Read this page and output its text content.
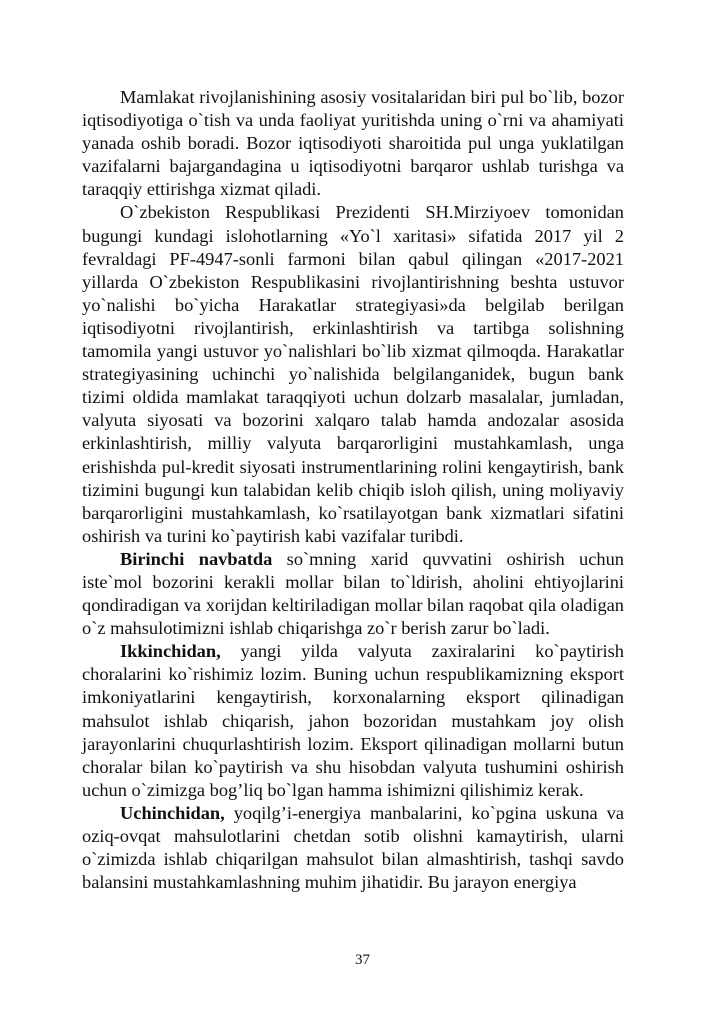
Mamlakat rivojlanishining asosiy vositalaridan biri pul bo`lib, bozor iqtisodiyotiga o`tish va unda faoliyat yuritishda uning o`rni va ahamiyati yanada oshib boradi. Bozor iqtisodiyoti sharoitida pul unga yuklatilgan vazifalarni bajargandagina u iqtisodiyotni barqaror ushlab turishga va taraqqiy ettirishga xizmat qiladi.

O`zbekiston Respublikasi Prezidenti SH.Mirziyoev tomonidan bugungi kundagi islohotlarning «Yo`l xaritasi» sifatida 2017 yil 2 fevraldagi PF-4947-sonli farmoni bilan qabul qilingan «2017-2021 yillarda O`zbekiston Respublikasini rivojlantirishning beshta ustuvor yo`nalishi bo`yicha Harakatlar strategiyasi»da belgilab berilgan iqtisodiyotni rivojlantirish, erkinlashtirish va tartibga solishning tamomila yangi ustuvor yo`nalishlari bo`lib xizmat qilmoqda. Harakatlar strategiyasining uchinchi yo`nalishida belgilanganidek, bugun bank tizimi oldida mamlakat taraqqiyoti uchun dolzarb masalalar, jumladan, valyuta siyosati va bozorini xalqaro talab hamda andozalar asosida erkinlashtirish, milliy valyuta barqarorligini mustahkamlash, unga erishishda pul-kredit siyosati instrumentlarining rolini kengaytirish, bank tizimini bugungi kun talabidan kelib chiqib isloh qilish, uning moliyaviy barqarorligini mustahkamlash, ko`rsatilayotgan bank xizmatlari sifatini oshirish va turini ko`paytirish kabi vazifalar turibdi.

Birinchi navbatda so`mning xarid quvvatini oshirish uchun iste`mol bozorini kerakli mollar bilan to`ldirish, aholini ehtiyojlarini qondiradigan va xorijdan keltiriladigan mollar bilan raqobat qila oladigan o`z mahsulotimizni ishlab chiqarishga zo`r berish zarur bo`ladi.

Ikkinchidan, yangi yilda valyuta zaxiralarini ko`paytirish choralarini ko`rishimiz lozim. Buning uchun respublikamizning eksport imkoniyatlarini kengaytirish, korxonalarning eksport qilinadigan mahsulot ishlab chiqarish, jahon bozoridan mustahkam joy olish jarayonlarini chuqurlashtirish lozim. Eksport qilinadigan mollarni butun choralar bilan ko`paytirish va shu hisobdan valyuta tushumini oshirish uchun o`zimizga bog’liq bo`lgan hamma ishimizni qilishimiz kerak.

Uchinchidan, yoqilg’i-energiya manbalarini, ko`pgina uskuna va oziq-ovqat mahsulotlarini chetdan sotib olishni kamaytirish, ularni o`zimizda ishlab chiqarilgan mahsulot bilan almashtirish, tashqi savdo balansini mustahkamlashning muhim jihatidir. Bu jarayon energiya

37
